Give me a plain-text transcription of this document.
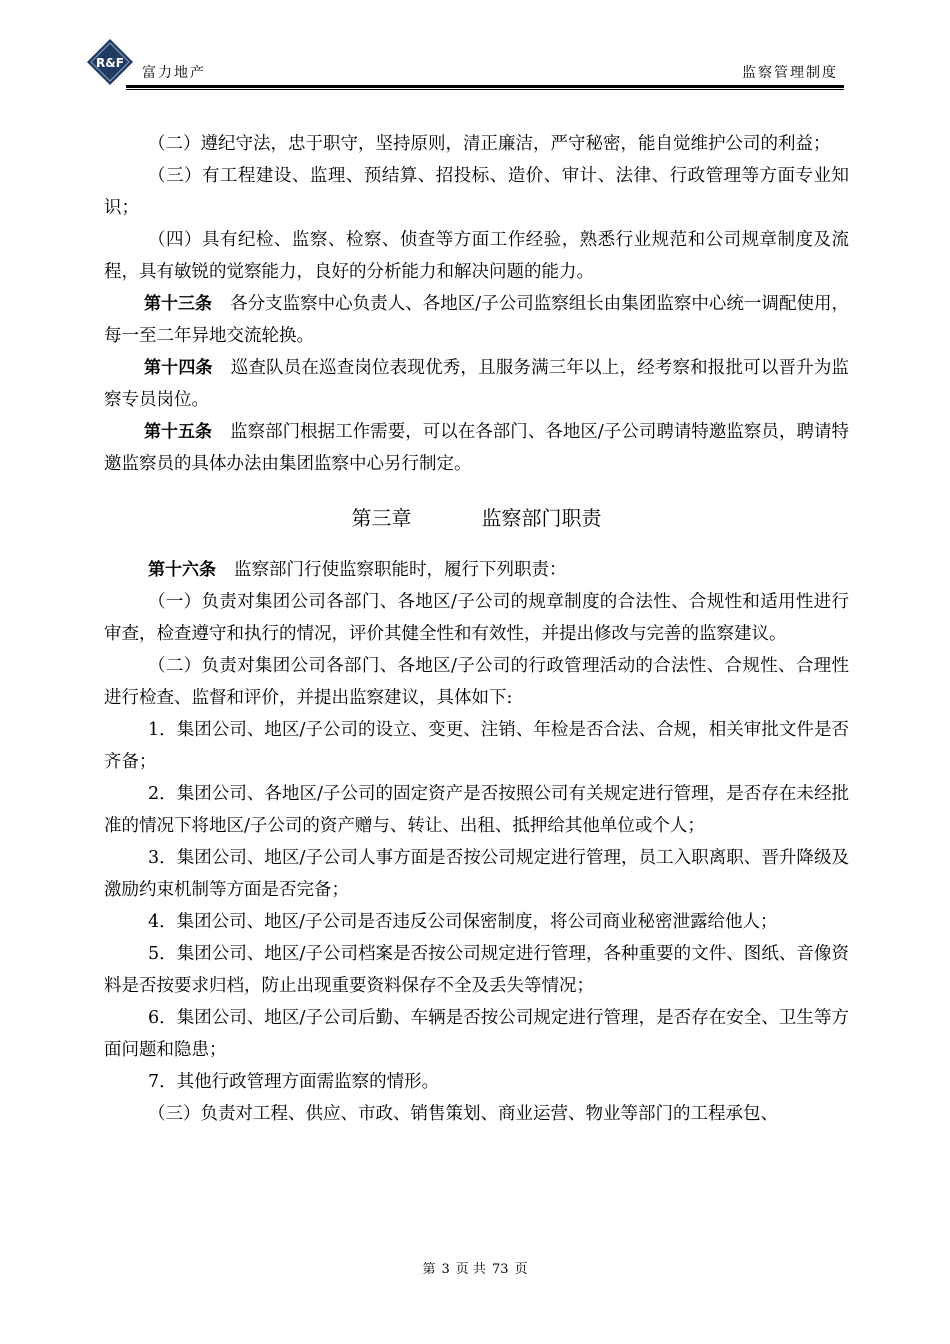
R&F
富力地产	监察管理制度

（二）遵纪守法，忠于职守，坚持原则，清正廉洁，严守秘密，能自觉维护公司的利益；

（三）有工程建设、监理、预结算、招投标、造价、审计、法律、行政管理等方面专业知识；

（四）具有纪检、监察、检察、侦查等方面工作经验，熟悉行业规范和公司规章制度及流程，具有敏锐的觉察能力，良好的分析能力和解决问题的能力。

第十三条 各分支监察中心负责人、各地区/子公司监察组长由集团监察中心统一调配使用，每一至二年异地交流轮换。

第十四条 巡查队员在巡查岗位表现优秀，且服务满三年以上，经考察和报批可以晋升为监察专员岗位。

第十五条 监察部门根据工作需要，可以在各部门、各地区/子公司聘请特邀监察员，聘请特邀监察员的具体办法由集团监察中心另行制定。

第三章	监察部门职责

第十六条 监察部门行使监察职能时，履行下列职责：

（一）负责对集团公司各部门、各地区/子公司的规章制度的合法性、合规性和适用性进行审查，检查遵守和执行的情况，评价其健全性和有效性，并提出修改与完善的监察建议。

（二）负责对集团公司各部门、各地区/子公司的行政管理活动的合法性、合规性、合理性进行检查、监督和评价，并提出监察建议，具体如下:

1．集团公司、地区/子公司的设立、变更、注销、年检是否合法、合规，相关审批文件是否齐备；

2．集团公司、各地区/子公司的固定资产是否按照公司有关规定进行管理，是否存在未经批准的情况下将地区/子公司的资产赠与、转让、出租、抵押给其他单位或个人；

3．集团公司、地区/子公司人事方面是否按公司规定进行管理，员工入职离职、晋升降级及激励约束机制等方面是否完备；

4．集团公司、地区/子公司是否违反公司保密制度，将公司商业秘密泄露给他人；

5．集团公司、地区/子公司档案是否按公司规定进行管理，各种重要的文件、图纸、音像资料是否按要求归档，防止出现重要资料保存不全及丢失等情况；

6．集团公司、地区/子公司后勤、车辆是否按公司规定进行管理，是否存在安全、卫生等方面问题和隐患；

7．其他行政管理方面需监察的情形。

（三）负责对工程、供应、市政、销售策划、商业运营、物业等部门的工程承包、

第 3 页 共 73 页
